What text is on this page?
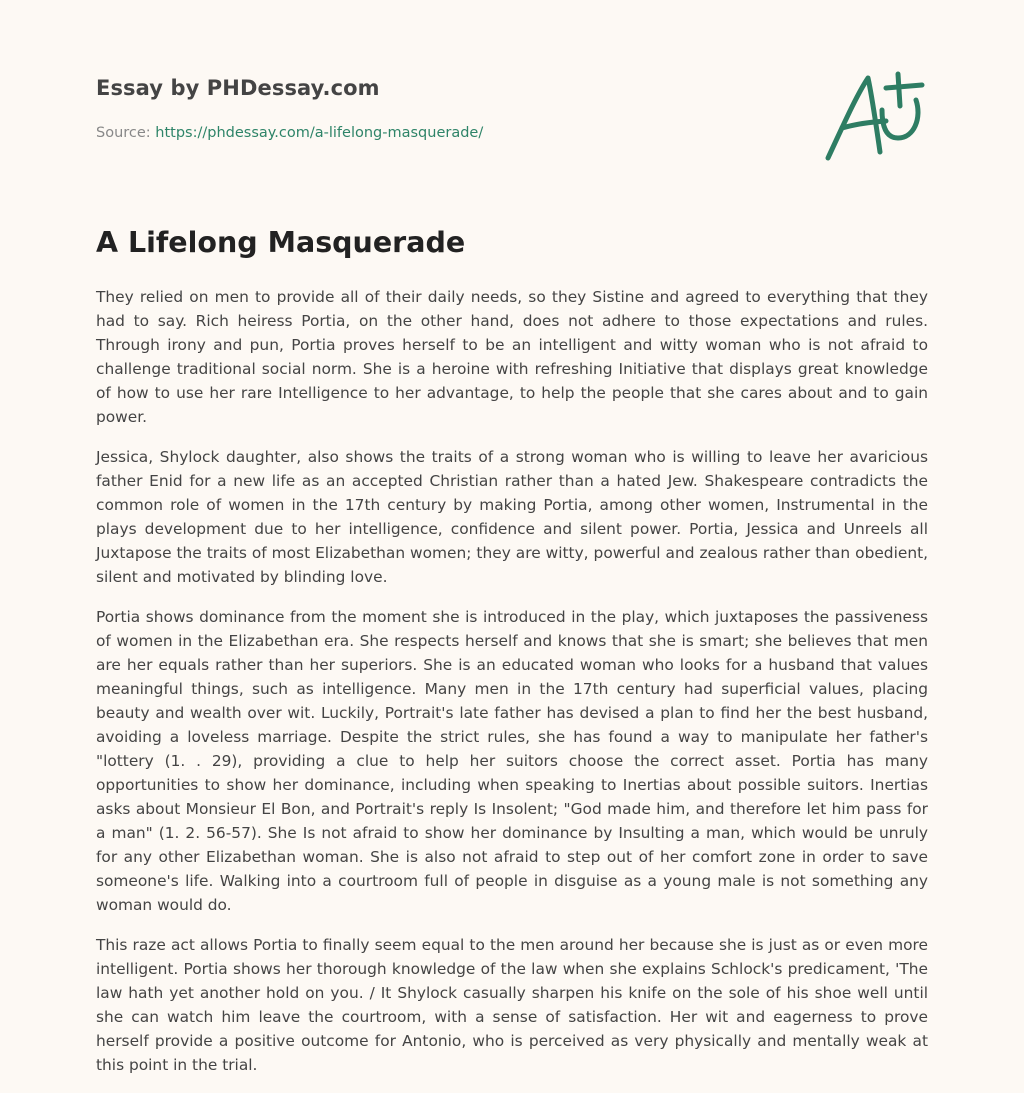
Essay by PHDessay.com
Source: https://phdessay.com/a-lifelong-masquerade/
A Lifelong Masquerade

They relied on men to provide all of their daily needs, so they Sistine and agreed to everything that they had to say. Rich heiress Portia, on the other hand, does not adhere to those expectations and rules. Through irony and pun, Portia proves herself to be an intelligent and witty woman who is not afraid to challenge traditional social norm. She is a heroine with refreshing Initiative that displays great knowledge of how to use her rare Intelligence to her advantage, to help the people that she cares about and to gain power.

Jessica, Shylock daughter, also shows the traits of a strong woman who is willing to leave her avaricious father Enid for a new life as an accepted Christian rather than a hated Jew. Shakespeare contradicts the common role of women in the 17th century by making Portia, among other women, Instrumental in the plays development due to her intelligence, confidence and silent power. Portia, Jessica and Unreels all Juxtapose the traits of most Elizabethan women; they are witty, powerful and zealous rather than obedient, silent and motivated by blinding love.

Portia shows dominance from the moment she is introduced in the play, which juxtaposes the passiveness of women in the Elizabethan era. She respects herself and knows that she is smart; she believes that men are her equals rather than her superiors. She is an educated woman who looks for a husband that values meaningful things, such as intelligence. Many men in the 17th century had superficial values, placing beauty and wealth over wit. Luckily, Portrait's late father has devised a plan to find her the best husband, avoiding a loveless marriage. Despite the strict rules, she has found a way to manipulate her father's "lottery (1. . 29), providing a clue to help her suitors choose the correct asset. Portia has many opportunities to show her dominance, including when speaking to Inertias about possible suitors. Inertias asks about Monsieur El Bon, and Portrait's reply Is Insolent; "God made him, and therefore let him pass for a man" (1. 2. 56-57). She Is not afraid to show her dominance by Insulting a man, which would be unruly for any other Elizabethan woman. She is also not afraid to step out of her comfort zone in order to save someone's life. Walking into a courtroom full of people in disguise as a young male is not something any woman would do.

This raze act allows Portia to finally seem equal to the men around her because she is just as or even more intelligent. Portia shows her thorough knowledge of the law when she explains Schlock's predicament, 'The law hath yet another hold on you. / It Shylock casually sharpen his knife on the sole of his shoe well until she can watch him leave the courtroom, with a sense of satisfaction. Her wit and eagerness to prove herself provide a positive outcome for Antonio, who is perceived as very physically and mentally weak at this point in the trial.
